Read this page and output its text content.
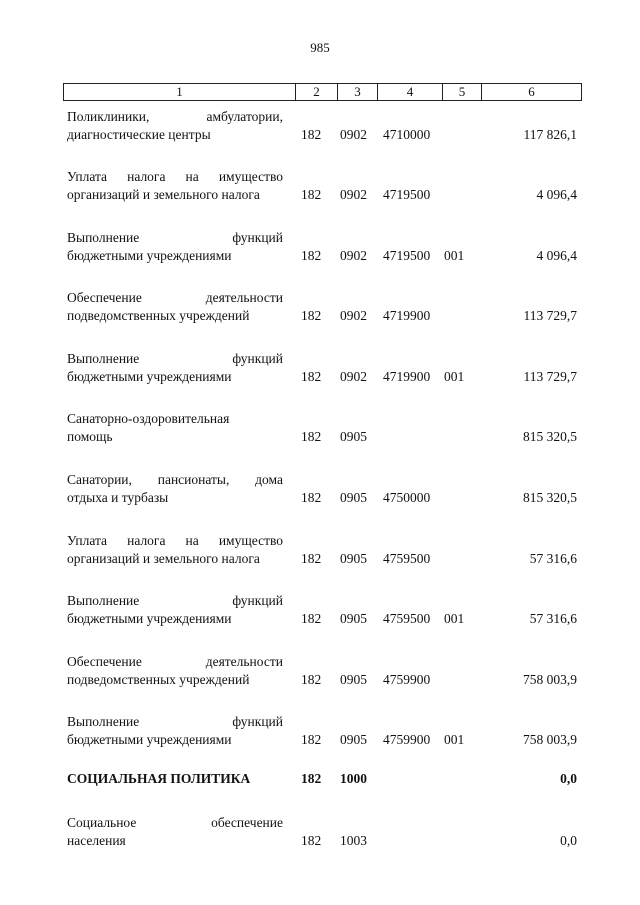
985
1	2	3	4	5	6
Поликлиники, амбулатории,
диагностические центры	182 0902 4710000	117 826,1
Уплата налога на имущество
организаций и земельного налога	182 0902 4719500	4 096,4
Выполнение функций
бюджетными учреждениями	182 0902 4719500 001	4 096,4
Обеспечение деятельности
подведомственных учреждений	182 0902 4719900	113 729,7
Выполнение функций
бюджетными учреждениями	182 0902 4719900 001	113 729,7
Санаторно-оздоровительная
помощь	182 0905	815 320,5
Санатории, пансионаты, дома
отдыха и турбазы	182 0905 4750000	815 320,5
Уплата налога на имущество
организаций и земельного налога	182 0905 4759500	57 316,6
Выполнение функций
бюджетными учреждениями	182 0905 4759500 001	57 316,6
Обеспечение деятельности
подведомственных учреждений	182 0905 4759900	758 003,9
Выполнение функций
бюджетными учреждениями	182 0905 4759900 001	758 003,9
СОЦИАЛЬНАЯ ПОЛИТИКА	182 1000	0,0
Социальное обеспечение
населения	182 1003	0,0
